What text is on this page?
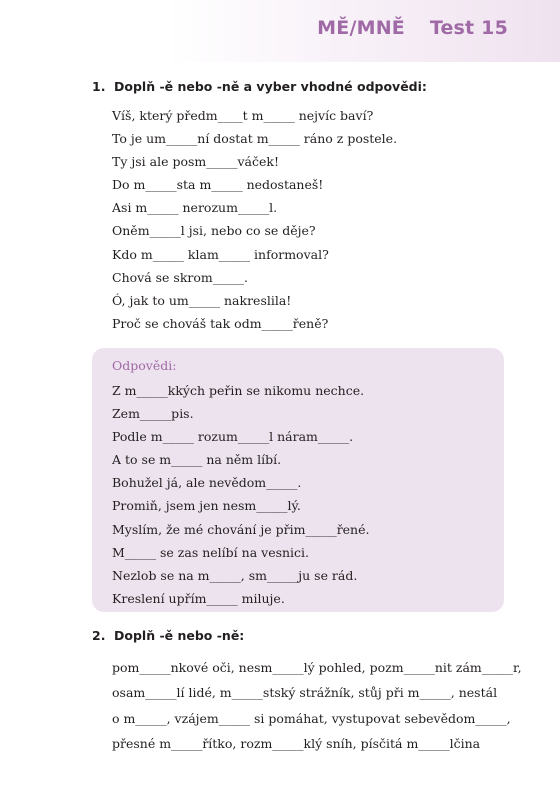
MĚ/MNĚ Test 15
1. Doplň -ě nebo -ně a vyber vhodné odpovědi:
Víš, který předm____t m_____ nejvíc baví?
To je um_____ní dostat m_____ ráno z postele.
Ty jsi ale posm_____váček!
Do m_____sta m_____ nedostaneš!
Asi m_____ nerozum_____l.
Oněm_____l jsi, nebo co se děje?
Kdo m_____ klam_____ informoval?
Chová se skrom_____.
Ó, jak to um_____ nakreslila!
Proč se chováš tak odm_____řeně?
Odpovědi:
Z m_____kkých peřin se nikomu nechce.
Zem_____pis.
Podle m_____ rozum_____l náram_____.
A to se m_____ na něm líbí.
Bohužel já, ale nevědom_____.
Promiň, jsem jen nesm_____lý.
Myslím, že mé chování je přim_____řené.
M_____ se zas nelíbí na vesnici.
Nezlob se na m_____, sm_____ju se rád.
Kreslení upřím_____ miluje.
2. Doplň -ě nebo -ně:
pom_____nkové oči, nesm_____lý pohled, pozm_____nit zám_____r,
osam_____lí lidé, m_____stský strážník, stůj při m_____, nestál
o m_____, vzájem_____ si pomáhat, vystupovat sebevědom_____,
přesné m_____řítko, rozm_____klý sníh, písčitá m_____lčina
